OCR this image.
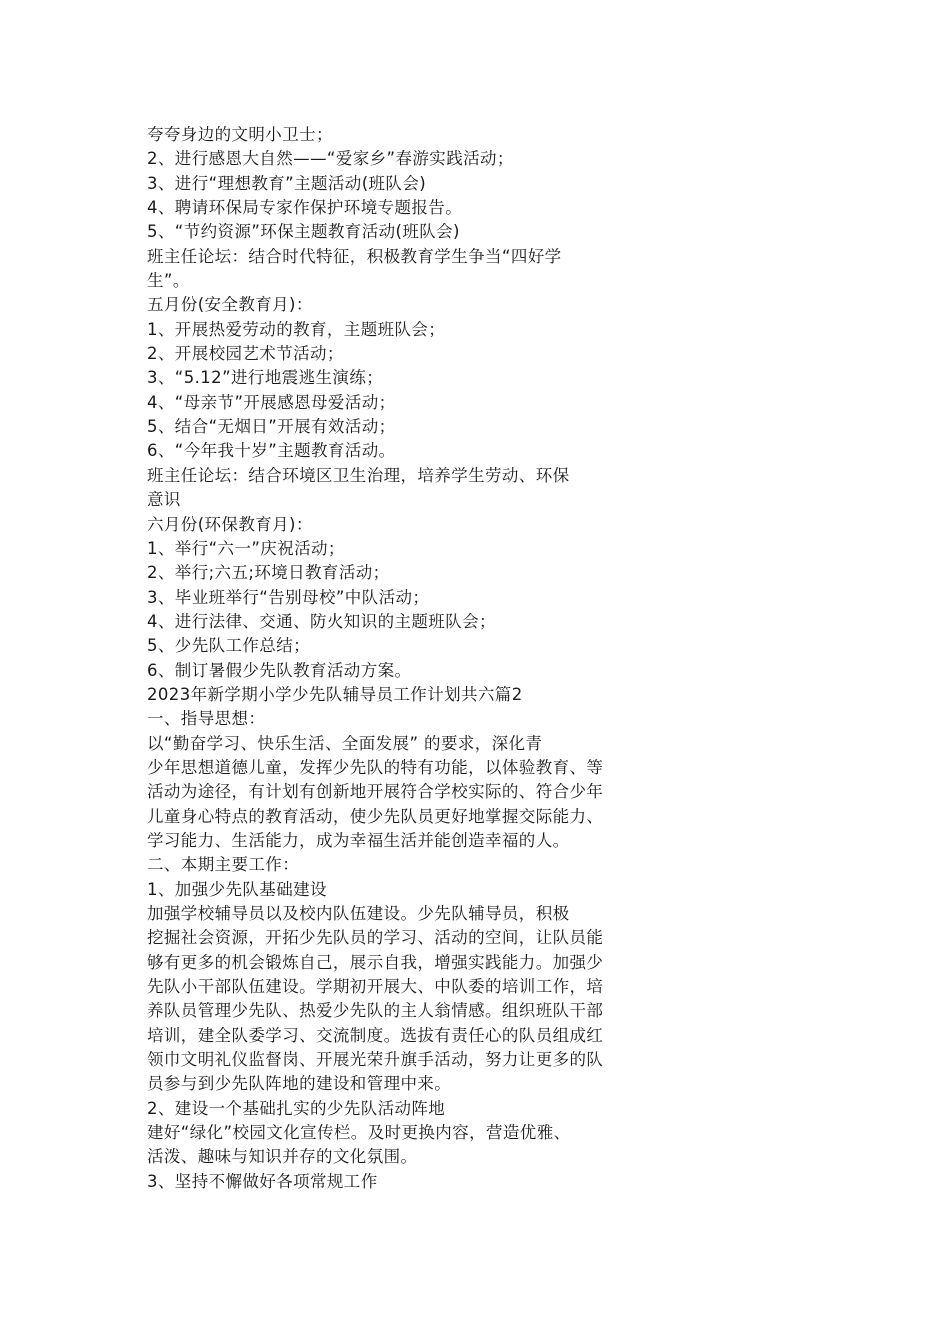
夸夸身边的文明小卫士；
2、进行感恩大自然——“爱家乡”春游实践活动；
3、进行“理想教育”主题活动(班队会)
4、聘请环保局专家作保护环境专题报告。
5、“节约资源”环保主题教育活动(班队会)
班主任论坛：结合时代特征，积极教育学生争当“四好学
生”。
五月份(安全教育月)：
1、开展热爱劳动的教育，主题班队会；
2、开展校园艺术节活动；
3、“5.12”进行地震逃生演练；
4、“母亲节”开展感恩母爱活动；
5、结合“无烟日”开展有效活动；
6、“今年我十岁”主题教育活动。
班主任论坛：结合环境区卫生治理，培养学生劳动、环保
意识
六月份(环保教育月)：
1、举行“六一”庆祝活动；
2、举行;六五;环境日教育活动；
3、毕业班举行“告别母校”中队活动；
4、进行法律、交通、防火知识的主题班队会；
5、少先队工作总结；
6、制订暑假少先队教育活动方案。
2023年新学期小学少先队辅导员工作计划共六篇2
一、指导思想：
以“勤奋学习、快乐生活、全面发展” 的要求，深化青
少年思想道德儿童，发挥少先队的特有功能，以体验教育、等
活动为途径，有计划有创新地开展符合学校实际的、符合少年
儿童身心特点的教育活动，使少先队员更好地掌握交际能力、
学习能力、生活能力，成为幸福生活并能创造幸福的人。
二、本期主要工作：
1、加强少先队基础建设
加强学校辅导员以及校内队伍建设。少先队辅导员，积极
挖掘社会资源，开拓少先队员的学习、活动的空间，让队员能
够有更多的机会锻炼自己，展示自我，增强实践能力。加强少
先队小干部队伍建设。学期初开展大、中队委的培训工作，培
养队员管理少先队、热爱少先队的主人翁情感。组织班队干部
培训，建全队委学习、交流制度。选拔有责任心的队员组成红
领巾文明礼仪监督岗、开展光荣升旗手活动，努力让更多的队
员参与到少先队阵地的建设和管理中来。
2、建设一个基础扎实的少先队活动阵地
建好“绿化”校园文化宣传栏。及时更换内容，营造优雅、
活泼、趣味与知识并存的文化氛围。
3、坚持不懈做好各项常规工作
